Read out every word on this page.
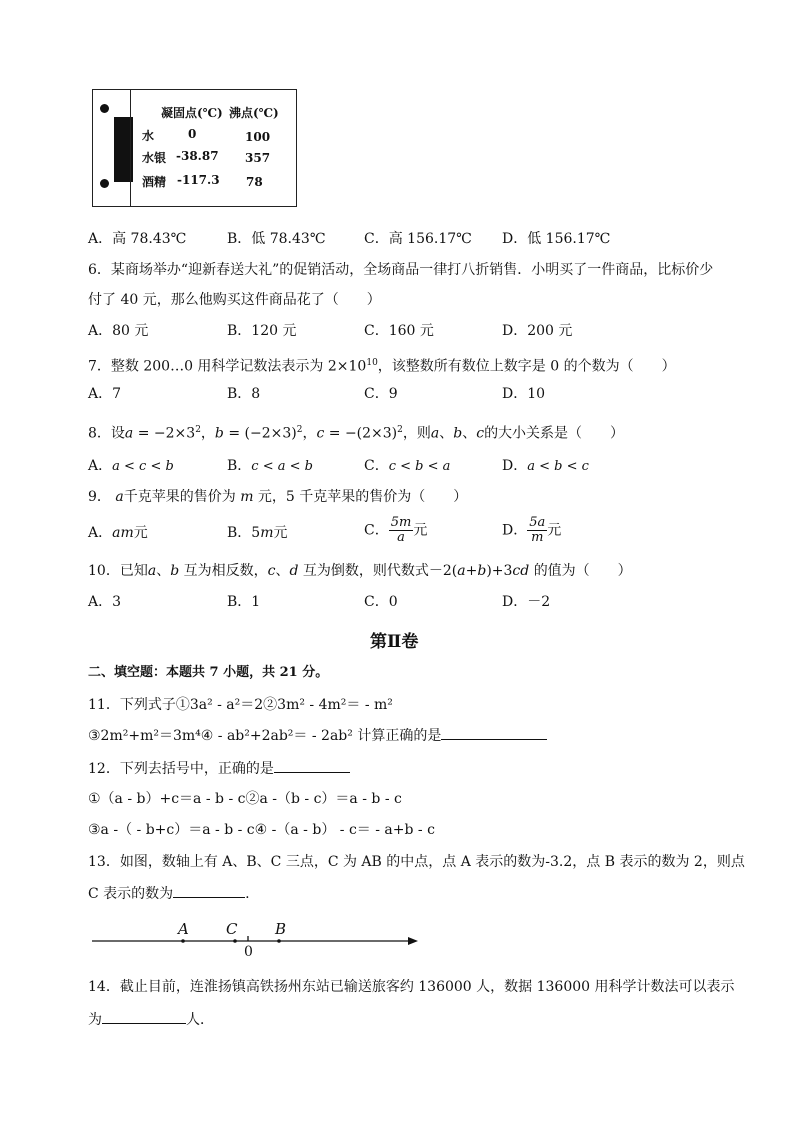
凝固点(℃) 沸点(℃)
水	0	100
水银 -38.87 357
酒精 -117.3 78
A．高 78.43℃	B．低 78.43℃	C．高 156.17℃ D．低 156.17℃
6．某商场举办“迎新春送大礼”的促销活动，全场商品一律打八折销售．小明买了一件商品，比标价少
付了 40 元，那么他购买这件商品花了（　　）
A．80 元	B．120 元	C．160 元	D．200 元
7．整数 200…0 用科学记数法表示为 $2\times 10^{10}$，该整数所有数位上数字是 0 的个数为（　　）
A．7	B．8	C．9	D．10
8．设$a = -2\times 3^2$，$b = (-2\times 3)^2$，$c = -(2\times 3)^2$，则a、b、c的大小关系是（　　）
A．a < c < b	B．c < a < b	C．c < b < a	D．a < b < c
9． a千克苹果的售价为 m 元，5 千克苹果的售价为（　　）
A．am元	B．5m元	C． $\frac{5m}{a}$ 元	D． $\frac{5a}{m}$ 元
10．已知a、b 互为相反数，c、d 互为倒数，则代数式－2(a+b)+3cd 的值为（　　）
A．3	B．1	C．0	D．－2
第Ⅱ卷
二、填空题：本题共 7 小题，共 21 分。
11．下列式子①3a² - a²＝2②3m² - 4m²＝ - m²
③2m²+m²＝3m⁴④ - ab²+2ab²＝ - 2ab² 计算正确的是
12．下列去括号中，正确的是
①（a - b）+c＝a - b - c②a -（b - c）＝a - b - c
③a -（ - b+c）＝a - b - c④ -（a - b） - c＝ - a+b - c
13．如图，数轴上有 A、B、C 三点，C 为 AB 的中点，点 A 表示的数为-3.2，点 B 表示的数为 2，则点
C 表示的数为	.
A C	B
0
14．截止目前，连淮扬镇高铁扬州东站已输送旅客约 136000 人，数据 136000 用科学计数法可以表示
为	人．
